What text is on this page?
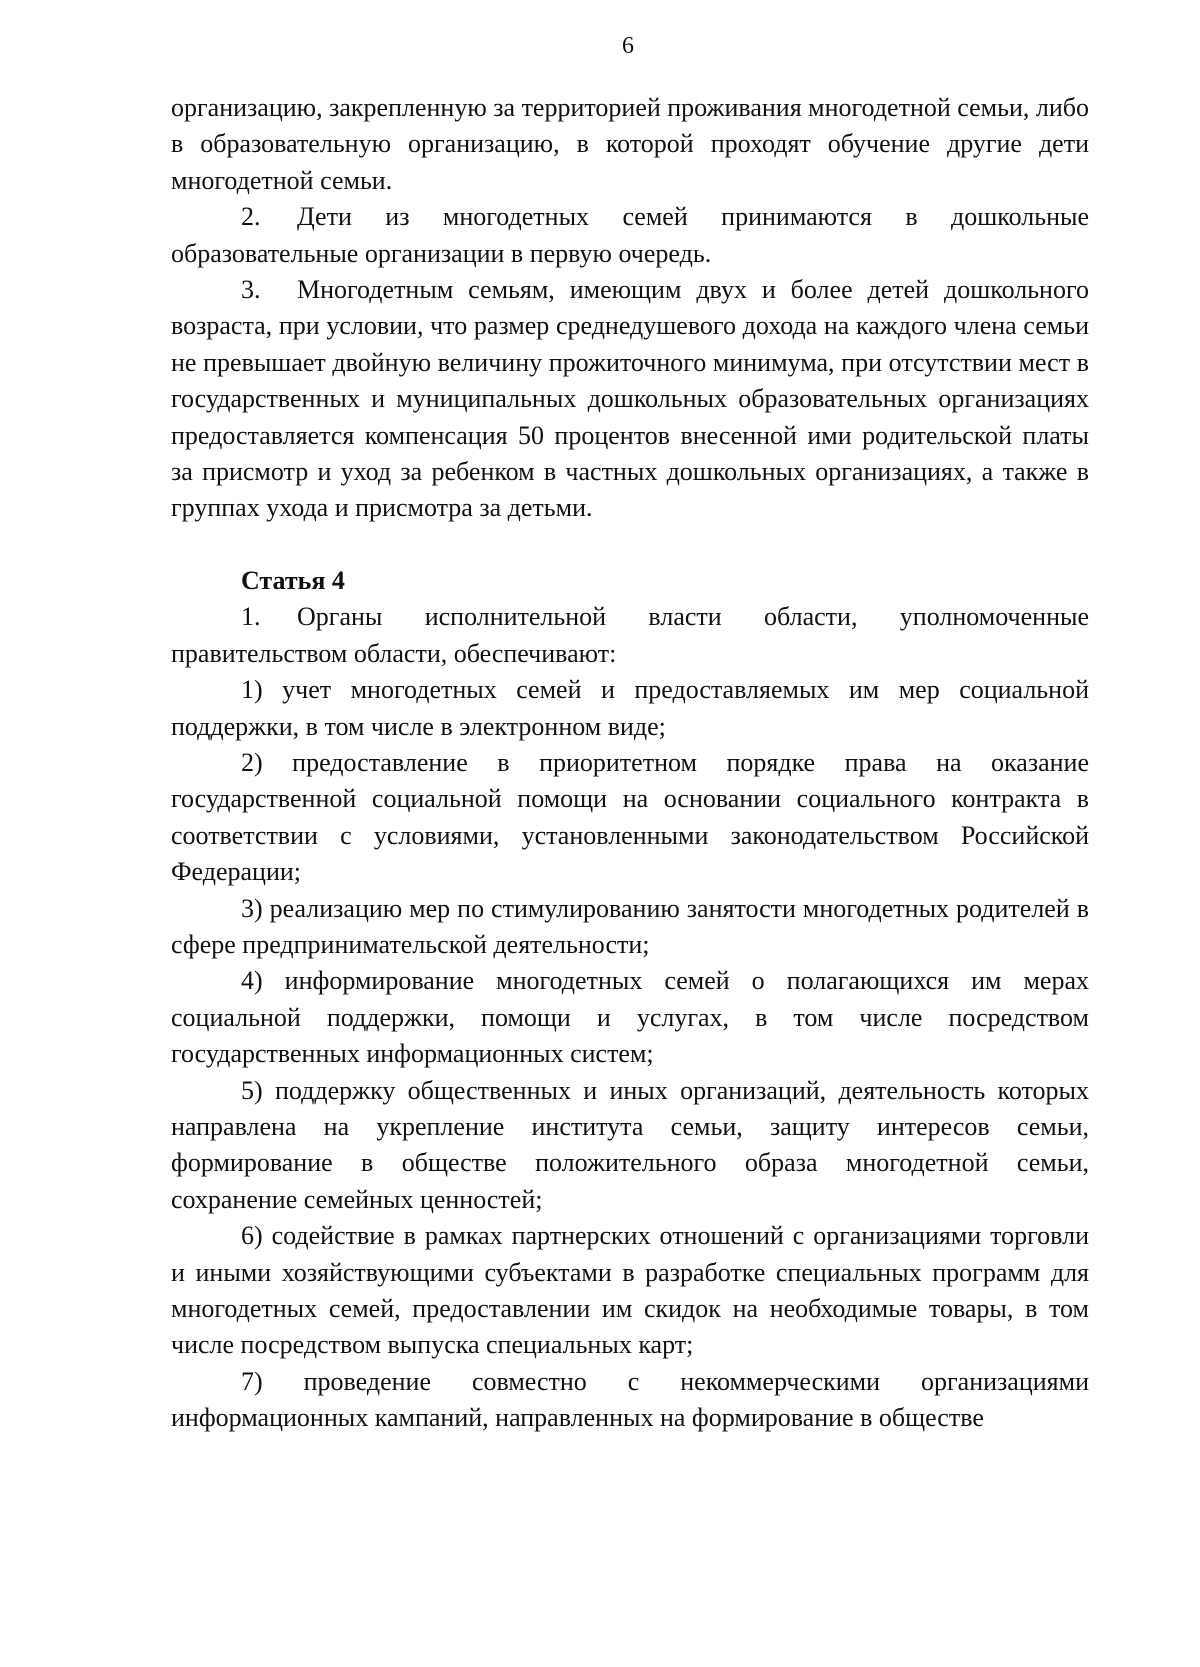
6

организацию, закрепленную за территорией проживания многодетной семьи, либо в образовательную организацию, в которой проходят обучение другие дети многодетной семьи.

2. Дети из многодетных семей принимаются в дошкольные образовательные организации в первую очередь.

3. Многодетным семьям, имеющим двух и более детей дошкольного возраста, при условии, что размер среднедушевого дохода на каждого члена семьи не превышает двойную величину прожиточного минимума, при отсутствии мест в государственных и муниципальных дошкольных образовательных организациях предоставляется компенсация 50 процентов внесенной ими родительской платы за присмотр и уход за ребенком в частных дошкольных организациях, а также в группах ухода и присмотра за детьми.

Статья 4

1. Органы исполнительной власти области, уполномоченные правительством области, обеспечивают:

1) учет многодетных семей и предоставляемых им мер социальной поддержки, в том числе в электронном виде;

2) предоставление в приоритетном порядке права на оказание государственной социальной помощи на основании социального контракта в соответствии с условиями, установленными законодательством Российской Федерации;

3) реализацию мер по стимулированию занятости многодетных родителей в сфере предпринимательской деятельности;

4) информирование многодетных семей о полагающихся им мерах социальной поддержки, помощи и услугах, в том числе посредством государственных информационных систем;

5) поддержку общественных и иных организаций, деятельность которых направлена на укрепление института семьи, защиту интересов семьи, формирование в обществе положительного образа многодетной семьи, сохранение семейных ценностей;

6) содействие в рамках партнерских отношений с организациями торговли и иными хозяйствующими субъектами в разработке специальных программ для многодетных семей, предоставлении им скидок на необходимые товары, в том числе посредством выпуска специальных карт;

7) проведение совместно с некоммерческими организациями информационных кампаний, направленных на формирование в обществе
